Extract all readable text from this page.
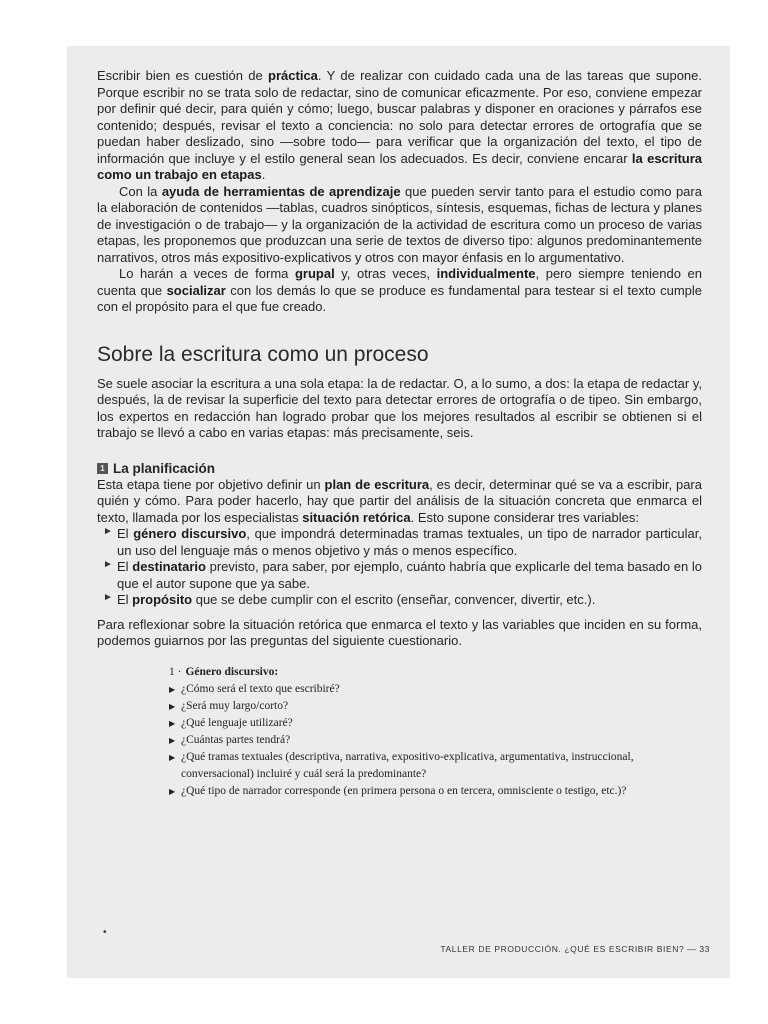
Escribir bien es cuestión de práctica. Y de realizar con cuidado cada una de las tareas que supone. Porque escribir no se trata solo de redactar, sino de comunicar eficazmente. Por eso, conviene empezar por definir qué decir, para quién y cómo; luego, buscar palabras y disponer en oraciones y párrafos ese contenido; después, revisar el texto a conciencia: no solo para detectar errores de ortografía que se puedan haber deslizado, sino —sobre todo— para verificar que la organización del texto, el tipo de información que incluye y el estilo general sean los adecuados. Es decir, conviene encarar la escritura como un trabajo en etapas.

Con la ayuda de herramientas de aprendizaje que pueden servir tanto para el estudio como para la elaboración de contenidos —tablas, cuadros sinópticos, síntesis, esquemas, fichas de lectura y planes de investigación o de trabajo— y la organización de la actividad de escritura como un proceso de varias etapas, les proponemos que produzcan una serie de textos de diverso tipo: algunos predominantemente narrativos, otros más expositivo-explicativos y otros con mayor énfasis en lo argumentativo.

Lo harán a veces de forma grupal y, otras veces, individualmente, pero siempre teniendo en cuenta que socializar con los demás lo que se produce es fundamental para testear si el texto cumple con el propósito para el que fue creado.

Sobre la escritura como un proceso

Se suele asociar la escritura a una sola etapa: la de redactar. O, a lo sumo, a dos: la etapa de redactar y, después, la de revisar la superficie del texto para detectar errores de ortografía o de tipeo. Sin embargo, los expertos en redacción han logrado probar que los mejores resultados al escribir se obtienen si el trabajo se llevó a cabo en varias etapas: más precisamente, seis.

1 La planificación

Esta etapa tiene por objetivo definir un plan de escritura, es decir, determinar qué se va a escribir, para quién y cómo. Para poder hacerlo, hay que partir del análisis de la situación concreta que enmarca el texto, llamada por los especialistas situación retórica. Esto supone considerar tres variables:

► El género discursivo, que impondrá determinadas tramas textuales, un tipo de narrador particular, un uso del lenguaje más o menos objetivo y más o menos específico.

► El destinatario previsto, para saber, por ejemplo, cuánto habría que explicarle del tema basado en lo que el autor supone que ya sabe.

► El propósito que se debe cumplir con el escrito (enseñar, convencer, divertir, etc.).

Para reflexionar sobre la situación retórica que enmarca el texto y las variables que inciden en su forma, podemos guiarnos por las preguntas del siguiente cuestionario.

1 · Género discursivo:
▶ ¿Cómo será el texto que escribiré?
▶ ¿Será muy largo/corto?
▶ ¿Qué lenguaje utilizaré?
▶ ¿Cuántas partes tendrá?
▶ ¿Qué tramas textuales (descriptiva, narrativa, expositivo-explicativa, argumentativa, instruccional, conversacional) incluiré y cuál será la predominante?
▶ ¿Qué tipo de narrador corresponde (en primera persona o en tercera, omnisciente o testigo, etc.)?
•
TALLER DE PRODUCCIÓN. ¿QUÉ ES ESCRIBIR BIEN? — 33
